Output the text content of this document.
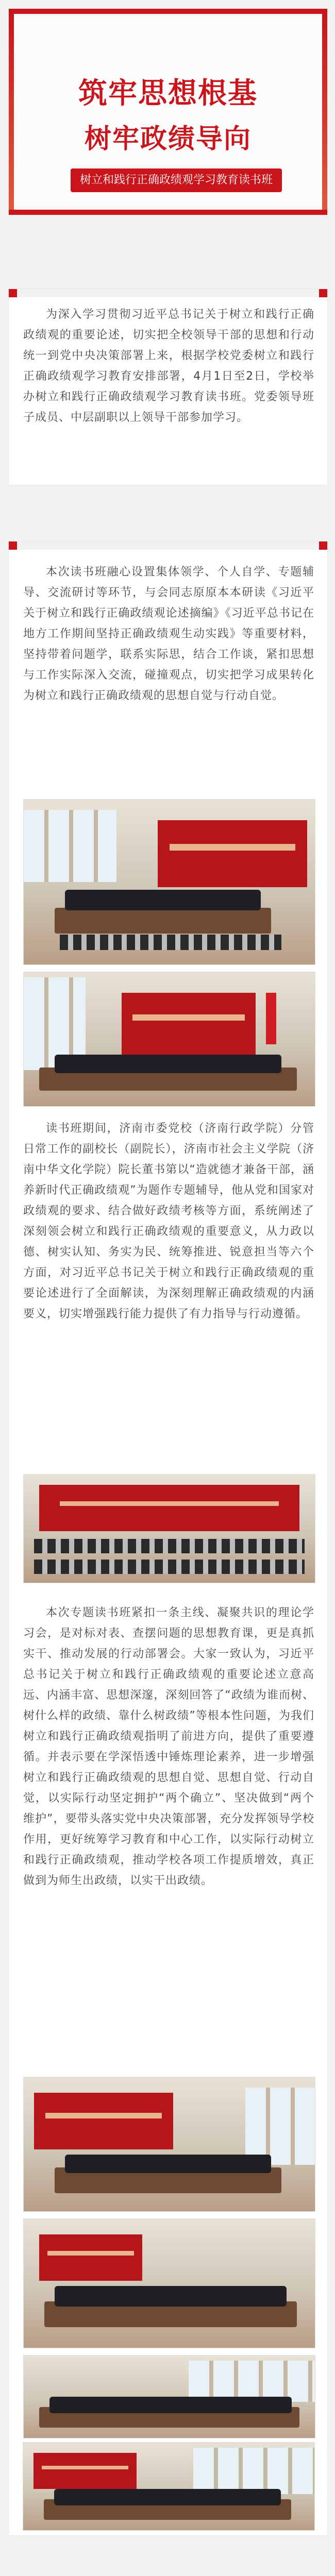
筑牢思想根基
树牢政绩导向
树立和践行正确政绩观学习教育读书班
为深入学习贯彻习近平总书记关于树立和践行正确政绩观的重要论述，切实把全校领导干部的思想和行动统一到党中央决策部署上来，根据学校党委树立和践行正确政绩观学习教育安排部署，4月1日至2日，学校举办树立和践行正确政绩观学习教育读书班。党委领导班子成员、中层副职以上领导干部参加学习。
本次读书班融心设置集体领学、个人自学、专题辅导、交流研讨等环节，与会同志原原本本研读《习近平关于树立和践行正确政绩观论述摘编》《习近平总书记在地方工作期间坚持正确政绩观生动实践》等重要材料，坚持带着问题学，联系实际思，结合工作谈，紧扣思想与工作实际深入交流，碰撞观点，切实把学习成果转化为树立和践行正确政绩观的思想自觉与行动自觉。
读书班期间，济南市委党校（济南行政学院）分管日常工作的副校长（副院长），济南市社会主义学院（济南中华文化学院）院长董书第以“造就德才兼备干部，涵养新时代正确政绩观”为题作专题辅导，他从党和国家对政绩观的要求、结合做好政绩考核等方面，系统阐述了深刻领会树立和践行正确政绩观的重要意义，从力政以德、树实认知、务实为民、统筹推进、锐意担当等六个方面，对习近平总书记关于树立和践行正确政绩观的重要论述进行了全面解读，为深刻理解正确政绩观的内涵要义，切实增强践行能力提供了有力指导与行动遵循。
本次专题读书班紧扣一条主线、凝聚共识的理论学习会，是对标对表、查摆问题的思想教育课，更是真抓实干、推动发展的行动部署会。大家一致认为，习近平总书记关于树立和践行正确政绩观的重要论述立意高远、内涵丰富、思想深邃，深刻回答了“政绩为谁而树、树什么样的政绩、靠什么树政绩”等根本性问题，为我们树立和践行正确政绩观指明了前进方向，提供了重要遵循。并表示要在学深悟透中锤炼理论素养，进一步增强树立和践行正确政绩观的思想自觉、思想自觉、行动自觉，以实际行动坚定拥护“两个确立”、坚决做到“两个维护”，要带头落实党中央决策部署，充分发挥领导学校作用，更好统筹学习教育和中心工作，以实际行动树立和践行正确政绩观，推动学校各项工作提质增效，真正做到为师生出政绩，以实干出政绩。
